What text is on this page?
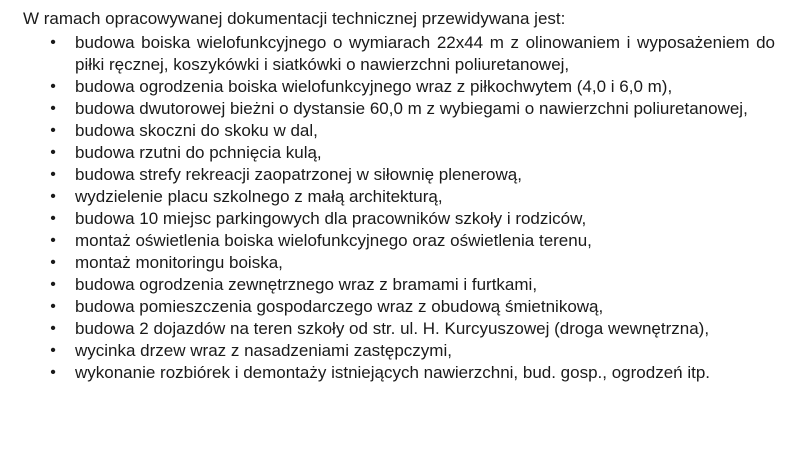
W ramach opracowywanej dokumentacji technicznej przewidywana jest:
• budowa boiska wielofunkcyjnego o wymiarach 22x44 m z olinowaniem i wyposażeniem do piłki ręcznej, koszykówki i siatkówki o nawierzchni poliuretanowej,
• budowa ogrodzenia boiska wielofunkcyjnego wraz z piłkochwytem (4,0 i 6,0 m),
• budowa dwutorowej bieżni o dystansie 60,0 m z wybiegami o nawierzchni poliuretanowej,
• budowa skoczni do skoku w dal,
• budowa rzutni do pchnięcia kulą,
• budowa strefy rekreacji zaopatrzonej w siłownię plenerową,
• wydzielenie placu szkolnego z małą architekturą,
• budowa 10 miejsc parkingowych dla pracowników szkoły i rodziców,
• montaż oświetlenia boiska wielofunkcyjnego oraz oświetlenia terenu,
• montaż monitoringu boiska,
• budowa ogrodzenia zewnętrznego wraz z bramami i furtkami,
• budowa pomieszczenia gospodarczego wraz z obudową śmietnikową,
• budowa 2 dojazdów na teren szkoły od str. ul. H. Kurcyuszowej (droga wewnętrzna),
• wycinka drzew wraz z nasadzeniami zastępczymi,
• wykonanie rozbiórek i demontaży istniejących nawierzchni, bud. gosp., ogrodzeń itp.
